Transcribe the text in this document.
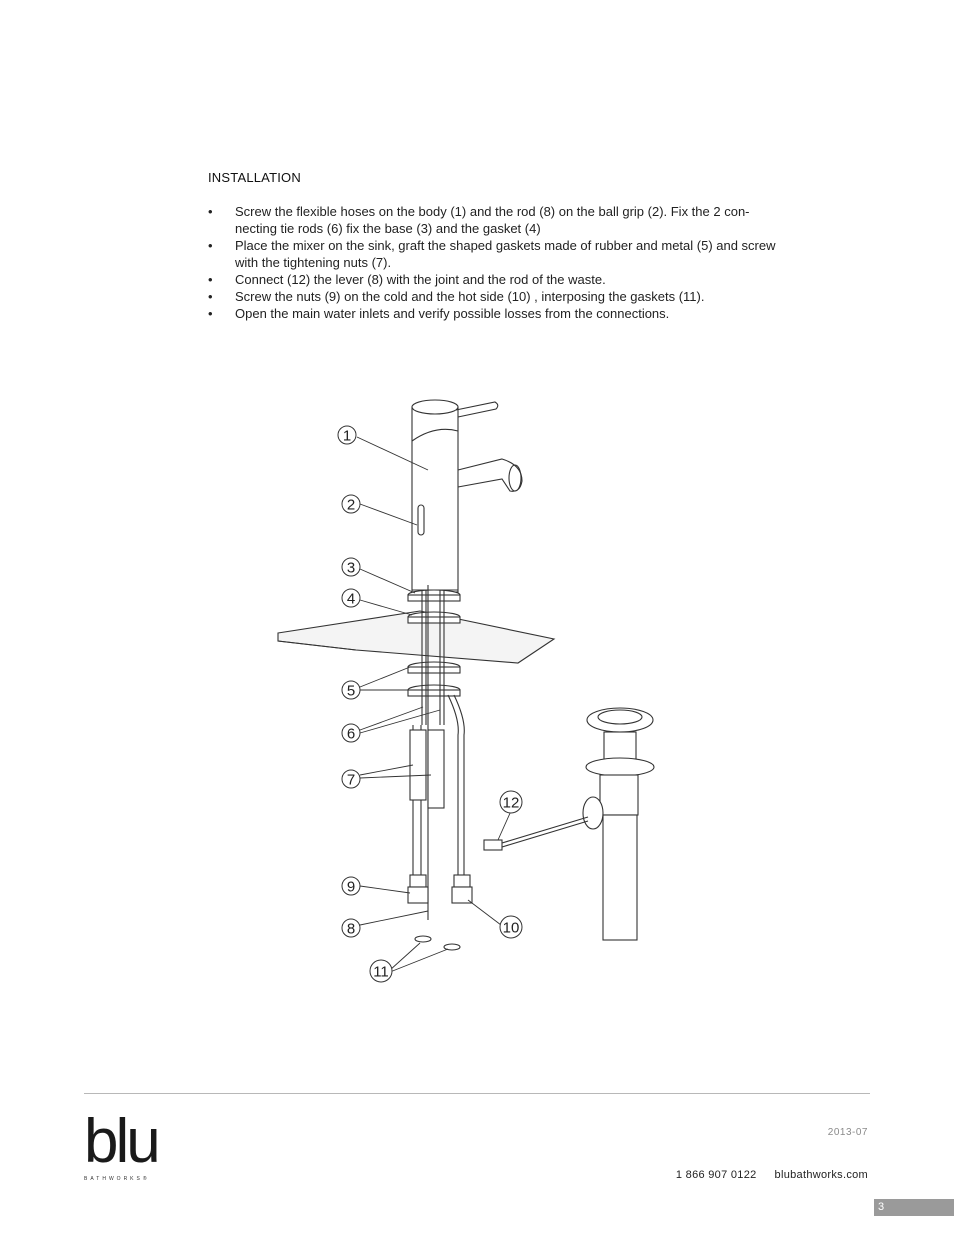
INSTALLATION
• Screw the flexible hoses on the body (1) and the rod (8) on the ball grip (2). Fix the 2 con-necting tie rods (6) fix the base (3) and the gasket (4)
• Place the mixer on the sink, graft the shaped gaskets made of rubber and metal (5) and screw with the tightening nuts (7).
• Connect (12) the lever (8) with the joint and the rod of the waste.
• Screw the nuts (9) on the cold and the hot side (10) , interposing the gaskets (11).
• Open the main water inlets and verify possible losses from the connections.
1
2
3
4
5
6
7
8
9
10
11
12
blu
BATHWORKS®
2013-07
1 866 907 0122 blubathworks.com
3
